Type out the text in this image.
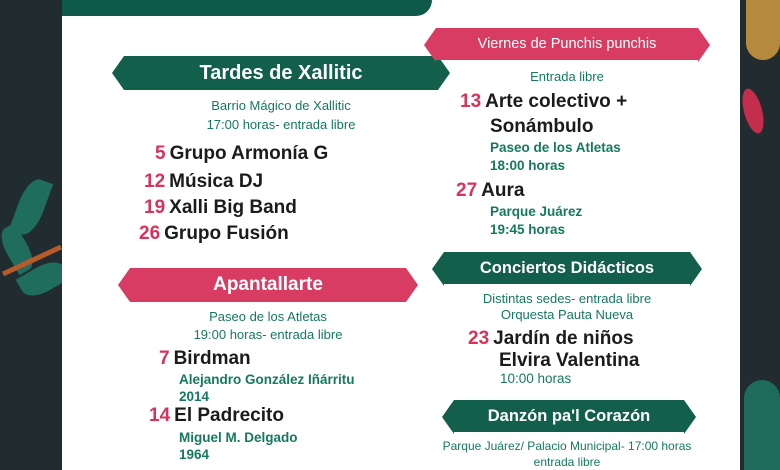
Tardes de Xallitic
Barrio Mágico de Xallitic
17:00 horas- entrada libre
5 Grupo Armonía G
12 Música DJ
19 Xalli Big Band
26 Grupo Fusión
Apantallarte
Paseo de los Atletas
19:00 horas- entrada libre
7 Birdman
Alejandro González Iñárritu
2014
14 El Padrecito
Miguel M. Delgado
1964
Viernes de Punchis punchis
Entrada libre
13 Arte colectivo +
Sonámbulo
Paseo de los Atletas
18:00 horas
27 Aura
Parque Juárez
19:45 horas
Conciertos Didácticos
Distintas sedes- entrada libre
Orquesta Pauta Nueva
23 Jardín de niños
Elvira Valentina
10:00 horas
Danzón pa'l Corazón
Parque Juárez/ Palacio Municipal- 17:00 horas
entrada libre
